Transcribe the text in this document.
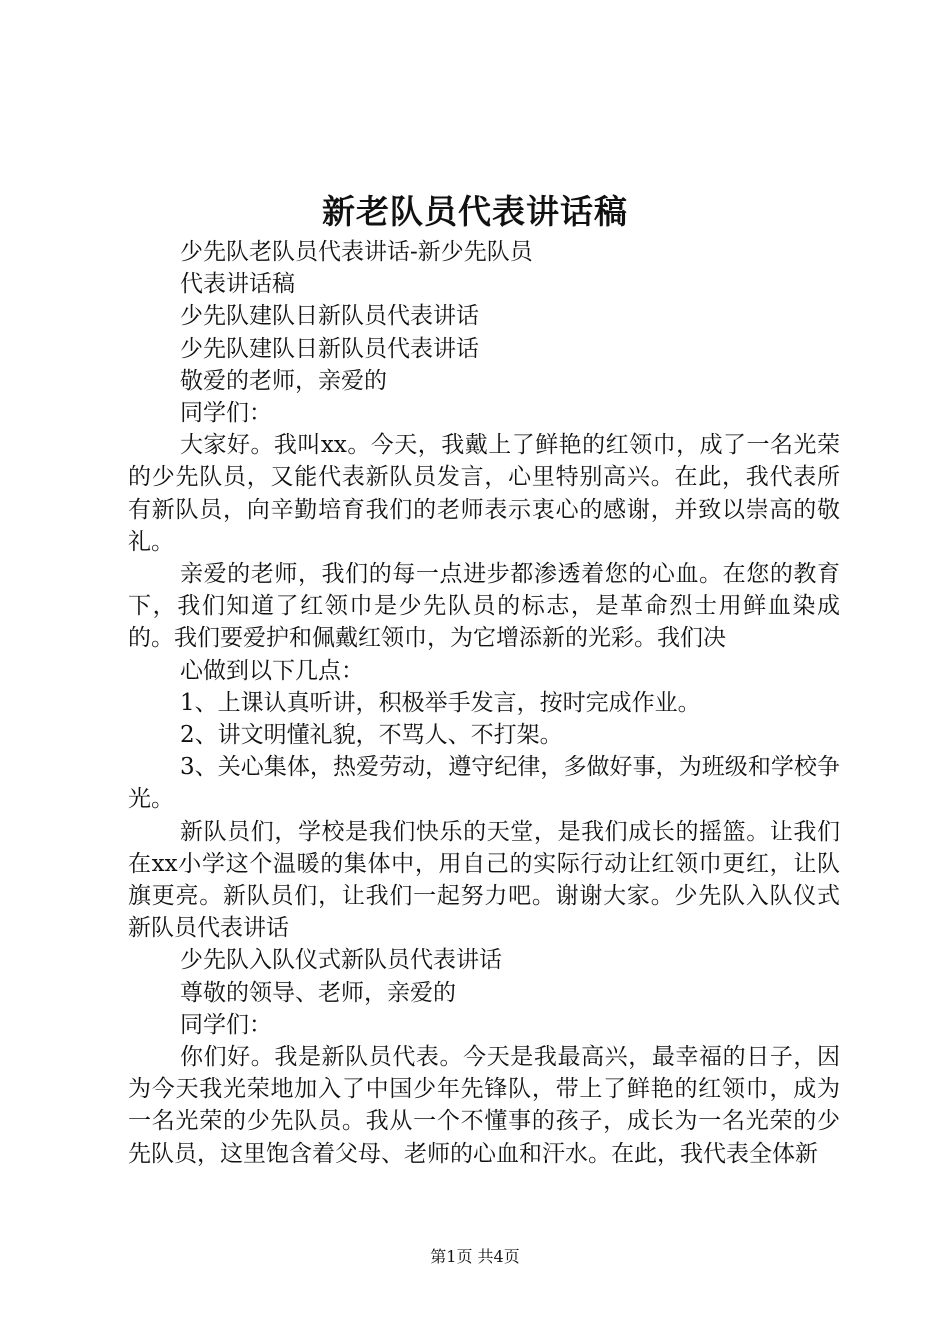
新老队员代表讲话稿

少先队老队员代表讲话-新少先队员

代表讲话稿

少先队建队日新队员代表讲话

少先队建队日新队员代表讲话

敬爱的老师，亲爱的

同学们：

大家好。我叫xx。今天，我戴上了鲜艳的红领巾，成了一名光荣的少先队员，又能代表新队员发言，心里特别高兴。在此，我代表所有新队员，向辛勤培育我们的老师表示衷心的感谢，并致以崇高的敬礼。

亲爱的老师，我们的每一点进步都渗透着您的心血。在您的教育下，我们知道了红领巾是少先队员的标志，是革命烈士用鲜血染成的。我们要爱护和佩戴红领巾，为它增添新的光彩。我们决

心做到以下几点：

1、上课认真听讲，积极举手发言，按时完成作业。

2、讲文明懂礼貌，不骂人、不打架。

3、关心集体，热爱劳动，遵守纪律，多做好事，为班级和学校争光。

新队员们，学校是我们快乐的天堂，是我们成长的摇篮。让我们在xx小学这个温暖的集体中，用自己的实际行动让红领巾更红，让队旗更亮。新队员们，让我们一起努力吧。谢谢大家。少先队入队仪式新队员代表讲话

少先队入队仪式新队员代表讲话

尊敬的领导、老师，亲爱的

同学们：

你们好。我是新队员代表。今天是我最高兴，最幸福的日子，因为今天我光荣地加入了中国少年先锋队，带上了鲜艳的红领巾，成为一名光荣的少先队员。我从一个不懂事的孩子，成长为一名光荣的少先队员，这里饱含着父母、老师的心血和汗水。在此，我代表全体新

第1页 共4页
